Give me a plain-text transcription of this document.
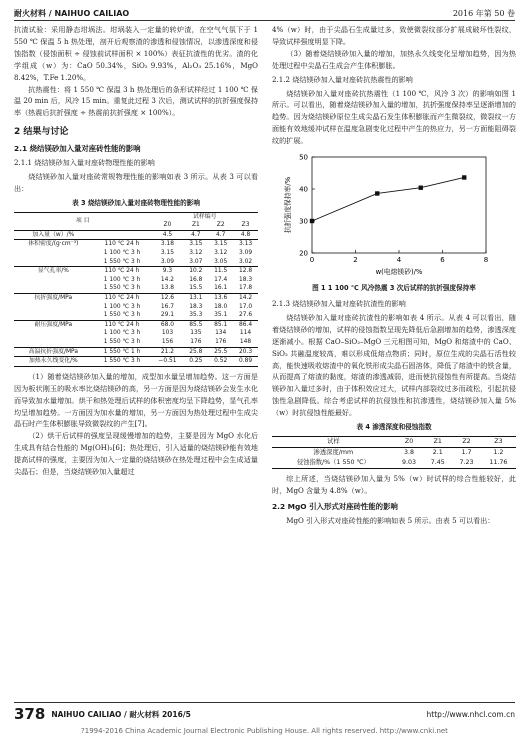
耐火材料 / NAIHUO CAILIAO	2016 年第 50 卷

抗渣试验：采用静态坩埚法。坩埚装入一定量的转炉渣，在空气气氛下于 1 550 ℃ 保温 5 h 热处理，剖开后观察渣的渗透和侵蚀情况，以渗透深度和侵蚀指数（侵蚀面积 ÷ 侵蚀前试样面积 × 100%）表征抗渣性的优劣。渣的化学组成（w）为：CaO 50.34%，SiO₂ 9.93%，Al₂O₃ 25.16%，MgO 8.42%，T.Fe 1.20%。

抗热震性：将 1 550 ℃ 保温 3 h 热处理后的条形试样经过 1 100 ℃ 保温 20 min 后，风冷 15 min。重复此过程 3 次后，测试试样的抗折强度保持率（热震后抗折强度 ÷ 热震前抗折强度 × 100%）。

2 结果与讨论
2.1 烧结镁砂加入量对座砖性能的影响
2.1.1 烧结镁砂加入量对座砖物理性能的影响

烧结镁砂加入量对座砖常规物理性能的影响如表 3 所示。从表 3 可以看出：

表 3 烧结镁砂加入量对座砖物理性能的影响
项 目		试样编号			
		Z0	Z1	Z2	Z3
加入量（w）/%		4.5	4.7	4.7	4.8
体积密度/(g·cm⁻³)	110 ℃ 24 h	3.18	3.15	3.15	3.13
	1 100 ℃ 3 h	3.15	3.12	3.12	3.09
	1 550 ℃ 3 h	3.09	3.07	3.05	3.02
显气孔率/%	110 ℃ 24 h	9.3	10.2	11.5	12.8
	1 100 ℃ 3 h	14.2	16.8	17.4	18.3
	1 550 ℃ 3 h	13.8	15.5	16.1	17.8
抗折强度/MPa	110 ℃ 24 h	12.6	13.1	13.6	14.2
	1 100 ℃ 3 h	16.7	18.3	18.0	17.0
	1 550 ℃ 3 h	29.1	35.3	35.1	27.6
耐压强度/MPa	110 ℃ 24 h	68.0	85.5	85.1	86.4
	1 100 ℃ 3 h	103	135	134	114
	1 550 ℃ 3 h	156	176	176	148
高温抗折强度/MPa	1 550 ℃ 1 h	21.2	25.8	25.5	20.3
加热永久线变化/%	1 550 ℃ 3 h	−0.51	0.25	0.52	0.89

（1）随着烧结镁砂加入量的增加，成型加水量呈增加趋势。这一方面是因为板状刚玉的吸水率比烧结镁砂的高，另一方面是因为烧结镁砂会发生水化而导致加水量增加。烘干和热处理后试样的体积密度均呈下降趋势，显气孔率均呈增加趋势。一方面因为加水量的增加，另一方面因为热处理过程中生成尖晶石时产生体积膨胀导致微裂纹的产生[7]。

（2）烘干后试样的强度呈现缓慢增加的趋势，主要是因为 MgO 水化后生成具有结合性能的 Mg(OH)₂[6]；热处理后，引入适量的烧结镁砂能有效地提高试样的强度，主要因为加入一定量的烧结镁砂在热处理过程中会生成适量尖晶石；但是，当烧结镁砂加入量超过

4%（w）时，由于尖晶石生成量过多，致使微裂纹部分扩展成破坏性裂纹，导致试样强度明显下降。

（3）随着烧结镁砂加入量的增加，加热永久线变化呈增加趋势，因为热处理过程中尖晶石生成会产生体积膨胀。

2.1.2 烧结镁砂加入量对座砖抗热震性的影响

烧结镁砂加入量对座砖抗热震性（1 100 ℃，风冷 3 次）的影响如图 1 所示。可以看出，随着烧结镁砂加入量的增加，抗折强度保持率呈逐渐增加的趋势。因为烧结镁砂原位生成尖晶石发生体积膨胀而产生微裂纹，微裂纹一方面能有效地缓冲试样在温度急剧变化过程中产生的热应力，另一方面能阻碍裂纹的扩展。

0	2	4	6	8
20
30
40
50
w(电熔镁砂)/%
抗折强度保持率/%
图 1 1 100 ℃ 风冷热震 3 次后试样的抗折强度保持率
2.1.3 烧结镁砂加入量对座砖抗渣性的影响

烧结镁砂加入量对座砖抗渣性的影响如表 4 所示。从表 4 可以看出，随着烧结镁砂的增加，试样的侵蚀指数呈现先降低后急剧增加的趋势，渗透深度逐渐减小。根据 CaO–SiO₂–MgO 三元相图可知，MgO 和熔渣中的 CaO、SiO₂ 共融温度较高，难以形成低熔点物质；同时，原位生成的尖晶石活性较高，能快速吸收熔渣中的氧化铁形成尖晶石固溶体，降低了熔渣中的铁含量，从而提高了熔渣的黏度，熔渣的渗透减弱，进而使抗侵蚀性有所提高。当烧结镁砂加入量过多时，由于体积效应过大，试样内部裂纹过多而疏松，引起抗侵蚀性急剧降低。综合考虑试样的抗侵蚀性和抗渗透性，烧结镁砂加入量 5%（w）时抗侵蚀性能最好。

表 4 渗透深度和侵蚀指数
试样	Z0	Z1	Z2	Z3
渗透深度/mm	3.8	2.1	1.7	1.2
侵蚀指数/%（1 550 ℃）	9.03	7.45	7.23	11.76

综上所述，当烧结镁砂加入量为 5%（w）时试样的综合性能较好，此时，MgO 含量为 4.8%（w）。

2.2 MgO 引入形式对座砖性能的影响

MgO 引入形式对座砖性能的影响如表 5 所示。由表 5 可以看出：

378 NAIHUO CAILIAO / 耐火材料 2016/5	http://www.nhcl.com.cn
?1994-2016 China Academic Journal Electronic Publishing House. All rights reserved. http://www.cnki.net
